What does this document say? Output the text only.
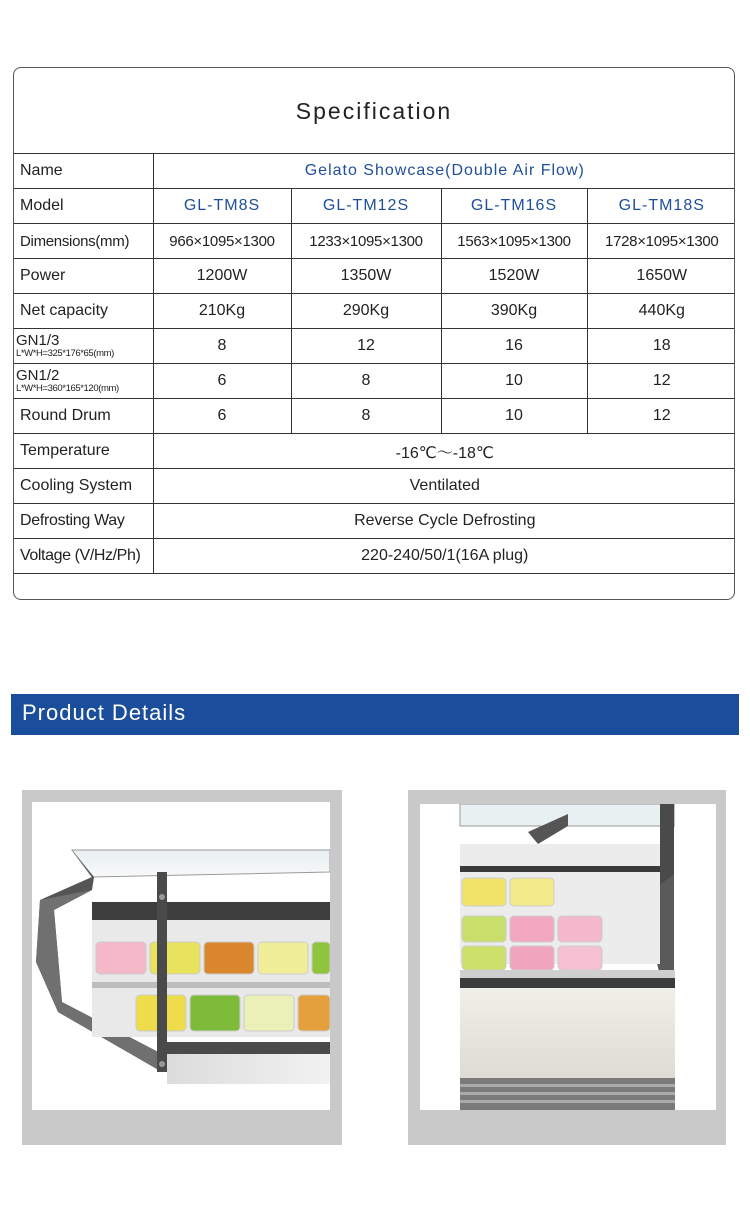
Specification
Name	Gelato Showcase(Double Air Flow)			
Model	GL-TM8S	GL-TM12S	GL-TM16S	GL-TM18S
Dimensions(mm)	966×1095×1300	1233×1095×1300	1563×1095×1300	1728×1095×1300
Power	1200W	1350W	1520W	1650W
Net capacity	210Kg	290Kg	390Kg	440Kg

GN1/3
L*W*H=325*176*65(mm)	8	12	16	18

GN1/2
L*W*H=360*165*120(mm)	6	8	10	12
Round Drum	6	8	10	12
Temperature	-16℃～-18℃			
Cooling System	Ventilated			
Defrosting Way	Reverse Cycle Defrosting			
Voltage (V/Hz/Ph)	220-240/50/1(16A plug)			
Product Details
